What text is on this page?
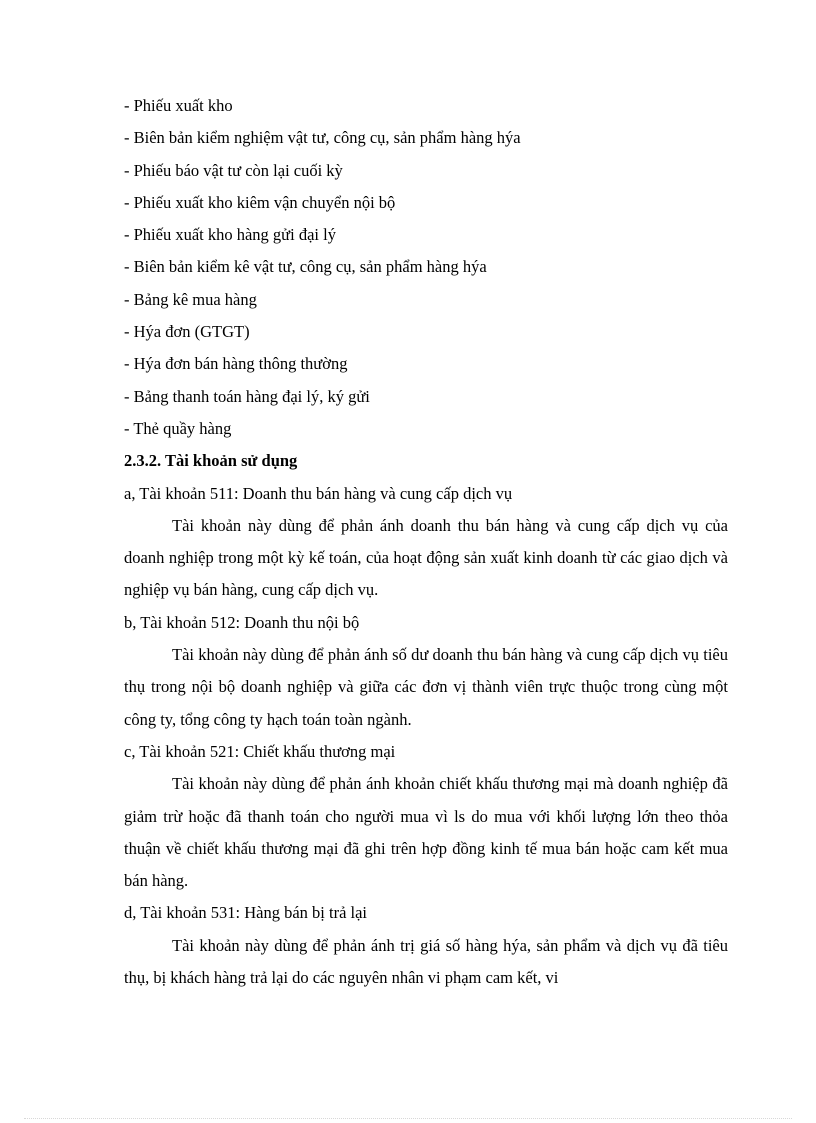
- Phiếu xuất kho
- Biên bản kiểm nghiệm vật tư, công cụ, sản phẩm hàng hýa
- Phiếu báo vật tư còn lại cuối kỳ
- Phiếu xuất kho kiêm vận chuyển nội bộ
- Phiếu xuất kho hàng gửi đại lý
- Biên bản kiểm kê vật tư, công cụ, sản phẩm hàng hýa
- Bảng kê mua hàng
- Hýa đơn (GTGT)
- Hýa đơn bán hàng thông thường
- Bảng thanh toán hàng đại lý, ký gửi
- Thẻ quầy hàng
2.3.2. Tài khoản sử dụng
a, Tài khoản 511: Doanh thu bán hàng và cung cấp dịch vụ

Tài khoản này dùng để phản ánh doanh thu bán hàng và cung cấp dịch vụ của doanh nghiệp trong một kỳ kế toán, của hoạt động sản xuất kinh doanh từ các giao dịch và nghiệp vụ bán hàng, cung cấp dịch vụ.

b, Tài khoản 512: Doanh thu nội bộ

Tài khoản này dùng để phản ánh số dư doanh thu bán hàng và cung cấp dịch vụ tiêu thụ trong nội bộ doanh nghiệp và giữa các đơn vị thành viên trực thuộc trong cùng một công ty, tổng công ty hạch toán toàn ngành.

c, Tài khoản 521: Chiết khấu thương mại

Tài khoản này dùng để phản ánh khoản chiết khấu thương mại mà doanh nghiệp đã giảm trừ hoặc đã thanh toán cho người mua vì ls do mua với khối lượng lớn theo thỏa thuận về chiết khấu thương mại đã ghi trên hợp đồng kinh tế mua bán hoặc cam kết mua bán hàng.

d, Tài khoản 531: Hàng bán bị trả lại

Tài khoản này dùng để phản ánh trị giá số hàng hýa, sản phẩm và dịch vụ đã tiêu thụ, bị khách hàng trả lại do các nguyên nhân vi phạm cam kết, vi
